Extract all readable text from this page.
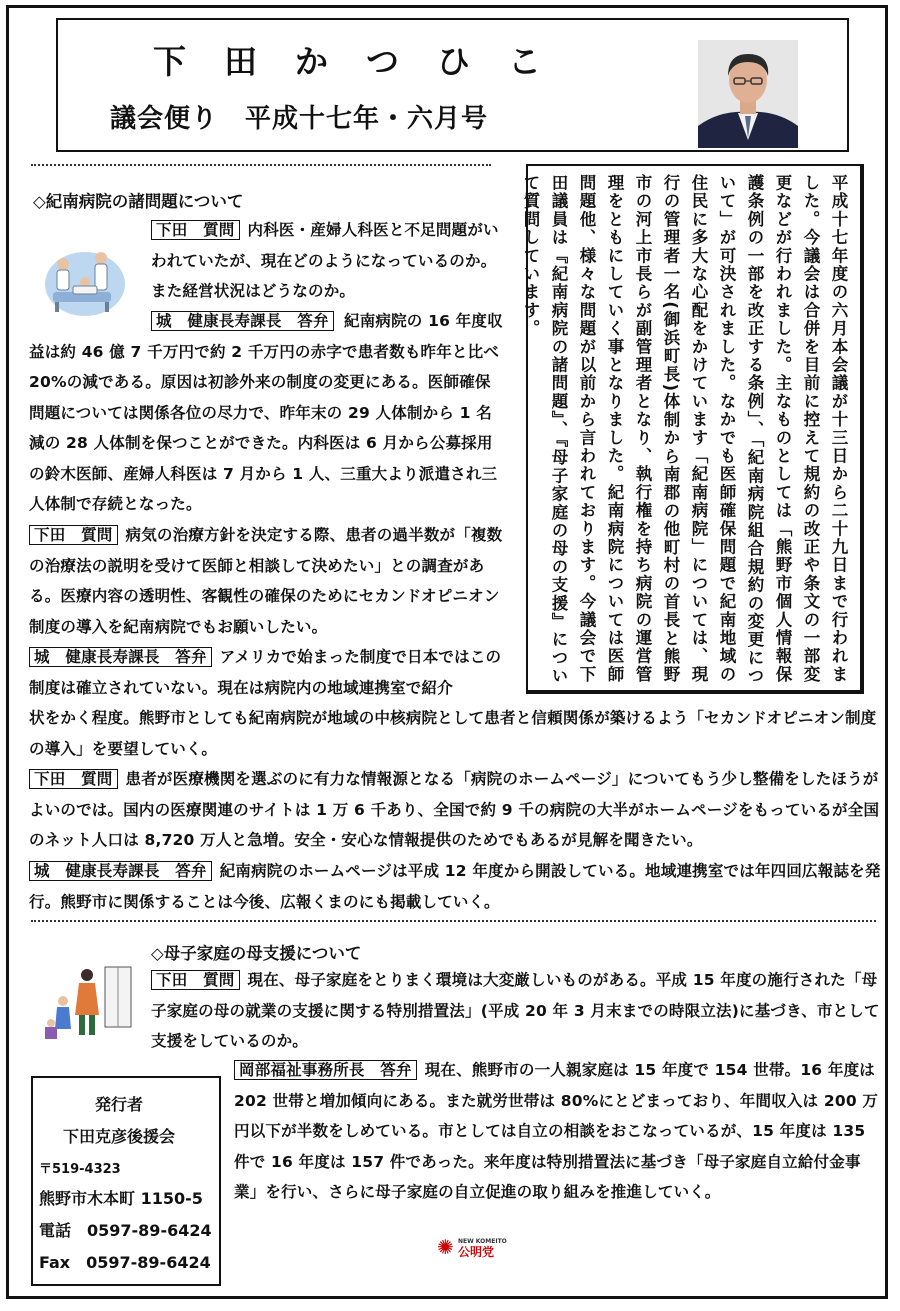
下田かつひこ
議会便り　平成十七年・六月号
平成十七年度の六月本会議が十三日から二十九日まで行われました。今議会は合併を目前に控えて規約の改正や条文の一部変更などが行われました。主なものとしては「熊野市個人情報保護条例の一部を改正する条例」、「紀南病院組合規約の変更について」が可決されました。なかでも医師確保問題で紀南地域の住民に多大な心配をかけています「紀南病院」については、現行の管理者一名(御浜町長)体制から南郡の他町村の首長と熊野市の河上市長らが副管理者となり、執行権を持ち病院の運営管理をともにしていく事となりました。紀南病院については医師問題他、様々な問題が以前から言われております。今議会で下田議員は『紀南病院の諸問題』、『母子家庭の母の支援』について質問しています。
◇紀南病院の諸問題について
下田　質問 内科医・産婦人科医と不足問題がいわれていたが、現在どのようになっているのか。また経営状況はどうなのか。
城　健康長寿課長　答弁 紀南病院の 16 年度収益は約 46 億 7 千万円で約 2 千万円の赤字で患者数も昨年と比べ 20%の減である。原因は初診外来の制度の変更にある。医師確保問題については関係各位の尽力で、昨年末の 29 人体制から 1 名減の 28 人体制を保つことができた。内科医は 6 月から公募採用の鈴木医師、産婦人科医は 7 月から 1 人、三重大より派遣され三人体制で存続となった。
下田　質問 病気の治療方針を決定する際、患者の過半数が「複数の治療法の説明を受けて医師と相談して決めたい」との調査がある。医療内容の透明性、客観性の確保のためにセカンドオピニオン制度の導入を紀南病院でもお願いしたい。
城　健康長寿課長　答弁 アメリカで始まった制度で日本ではこの制度は確立されていない。現在は病院内の地域連携室で紹介
状をかく程度。熊野市としても紀南病院が地域の中核病院として患者と信頼関係が築けるよう「セカンドオピニオン制度の導入」を要望していく。
下田　質問 患者が医療機関を選ぶのに有力な情報源となる「病院のホームページ」についてもう少し整備をしたほうがよいのでは。国内の医療関連のサイトは 1 万 6 千あり、全国で約 9 千の病院の大半がホームページをもっているが全国のネット人口は 8,720 万人と急増。安全・安心な情報提供のためでもあるが見解を聞きたい。
城　健康長寿課長　答弁 紀南病院のホームページは平成 12 年度から開設している。地域連携室では年四回広報誌を発行。熊野市に関係することは今後、広報くまのにも掲載していく。
◇母子家庭の母支援について
下田　質問 現在、母子家庭をとりまく環境は大変厳しいものがある。平成 15 年度の施行された「母子家庭の母の就業の支援に関する特別措置法」(平成 20 年 3 月末までの時限立法)に基づき、市として支援をしているのか。
岡部福祉事務所長　答弁 現在、熊野市の一人親家庭は 15 年度で 154 世帯。16 年度は 202 世帯と増加傾向にある。また就労世帯は 80%にとどまっており、年間収入は 200 万円以下が半数をしめている。市としては自立の相談をおこなっているが、15 年度は 135 件で 16 年度は 157 件であった。来年度は特別措置法に基づき「母子家庭自立給付金事業」を行い、さらに母子家庭の自立促進の取り組みを推進していく。
発行者
下田克彦後援会
〒519-4323
熊野市木本町 1150-5
電話　0597-89-6424
Fax　0597-89-6424
✺ NEW KOMEITO
公明党
